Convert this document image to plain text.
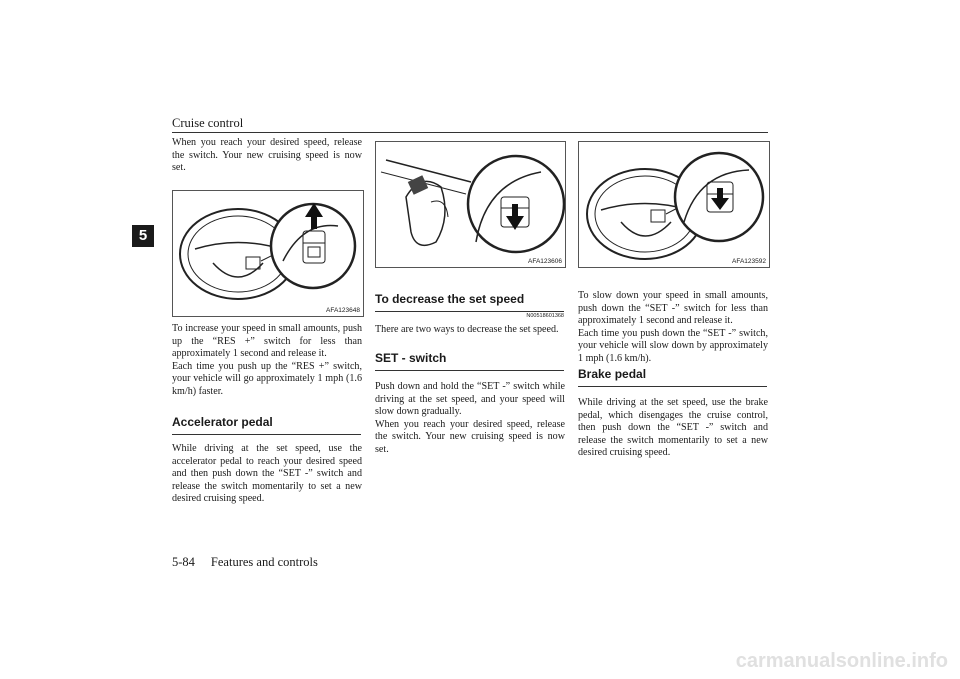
Cruise control
5

When you reach your desired speed, release the switch. Your new cruising speed is now set.

AFA123648

To increase your speed in small amounts, push up the “RES +” switch for less than approximately 1 second and release it.

Each time you push up the “RES +” switch, your vehicle will go approximately 1 mph (1.6 km/h) faster.

Accelerator pedal

While driving at the set speed, use the accelerator pedal to reach your desired speed and then push down the “SET -” switch and release the switch momentarily to set a new desired cruising speed.

AFA123606
To decrease the set speed
N00518601368

There are two ways to decrease the set speed.

SET - switch

Push down and hold the “SET -” switch while driving at the set speed, and your speed will slow down gradually.

When you reach your desired speed, release the switch. Your new cruising speed is now set.

AFA123592

To slow down your speed in small amounts, push down the “SET -” switch for less than approximately 1 second and release it.

Each time you push down the “SET -” switch, your vehicle will slow down by approximately 1 mph (1.6 km/h).

Brake pedal

While driving at the set speed, use the brake pedal, which disengages the cruise control, then push down the “SET -” switch and release the switch momentarily to set a new desired cruising speed.

5-84 Features and controls
carmanualsonline.info
